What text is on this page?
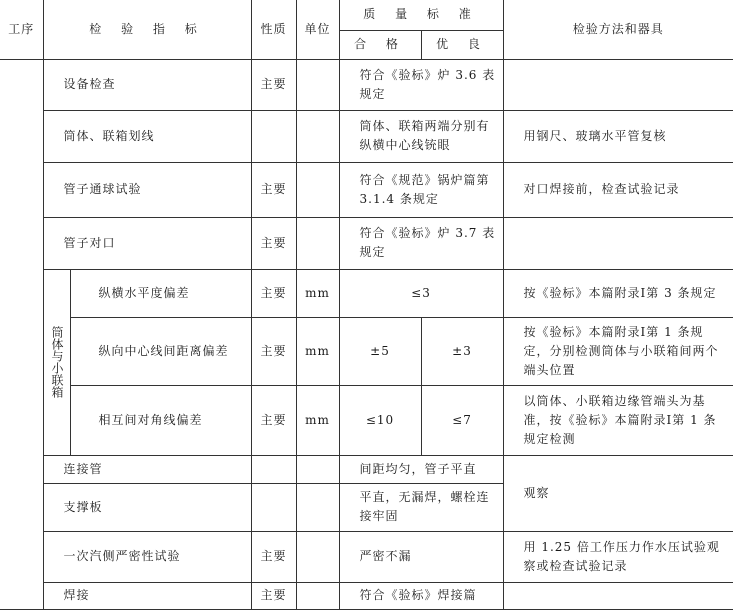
工序	检 验 指 标		性质	单位	质 量 标 准		检验方法和器具
					合 格	优 良	
	设备检查		主要		符合《验标》炉 3.6 表规定		
	筒体、联箱划线				筒体、联箱两端分别有纵横中心线铳眼		用钢尺、玻璃水平管复核
	管子通球试验		主要		符合《规范》锅炉篇第 3.1.4 条规定		对口焊接前，检查试验记录
	管子对口		主要		符合《验标》炉 3.7 表规定		
	筒体与小联箱	纵横水平度偏差	主要	mm	≤3		按《验标》本篇附录Ⅰ第 3 条规定
		纵向中心线间距离偏差	主要	mm	±5	±3	按《验标》本篇附录Ⅰ第 1 条规定，分别检测筒体与小联箱间两个端头位置
		相互间对角线偏差	主要	mm	≤10	≤7	以筒体、小联箱边缘管端头为基准，按《验标》本篇附录Ⅰ第 1 条规定检测
	连接管				间距均匀，管子平直		观察
	支撑板				平直，无漏焊，螺栓连接牢固		
	一次汽侧严密性试验		主要		严密不漏		用 1.25 倍工作压力作水压试验观察或检查试验记录
	焊接		主要		符合《验标》焊接篇		
